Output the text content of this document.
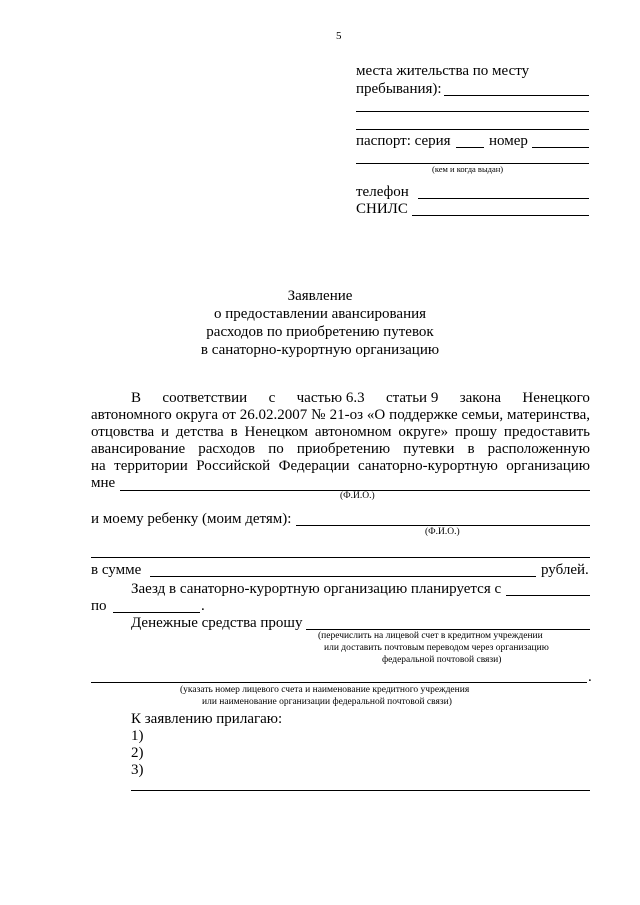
5
места жительства по месту
пребывания):
паспорт: серия	номер
(кем и когда выдан)
телефон
СНИЛС
Заявление
о предоставлении авансирования
расходов по приобретению путевок
в санаторно-курортную организацию
В соответствии с частью 6.3 статьи 9 закона Ненецкого
автономного округа от 26.02.2007 № 21-оз «О поддержке семьи, материнства,
отцовства и детства в Ненецком автономном округе» прошу предоставить
авансирование расходов по приобретению путевки в расположенную
на территории Российской Федерации санаторно-курортную организацию
мне
(Ф.И.О.)
и моему ребенку (моим детям):
(Ф.И.О.)
в сумме	рублей.
Заезд в санаторно-курортную организацию планируется с
по	.
Денежные средства прошу
(перечислить на лицевой счет в кредитном учреждении
или доставить почтовым переводом через организацию
федеральной почтовой связи)
.
(указать номер лицевого счета и наименование кредитного учреждения
или наименование организации федеральной почтовой связи)
К заявлению прилагаю:
1)
2)
3)
